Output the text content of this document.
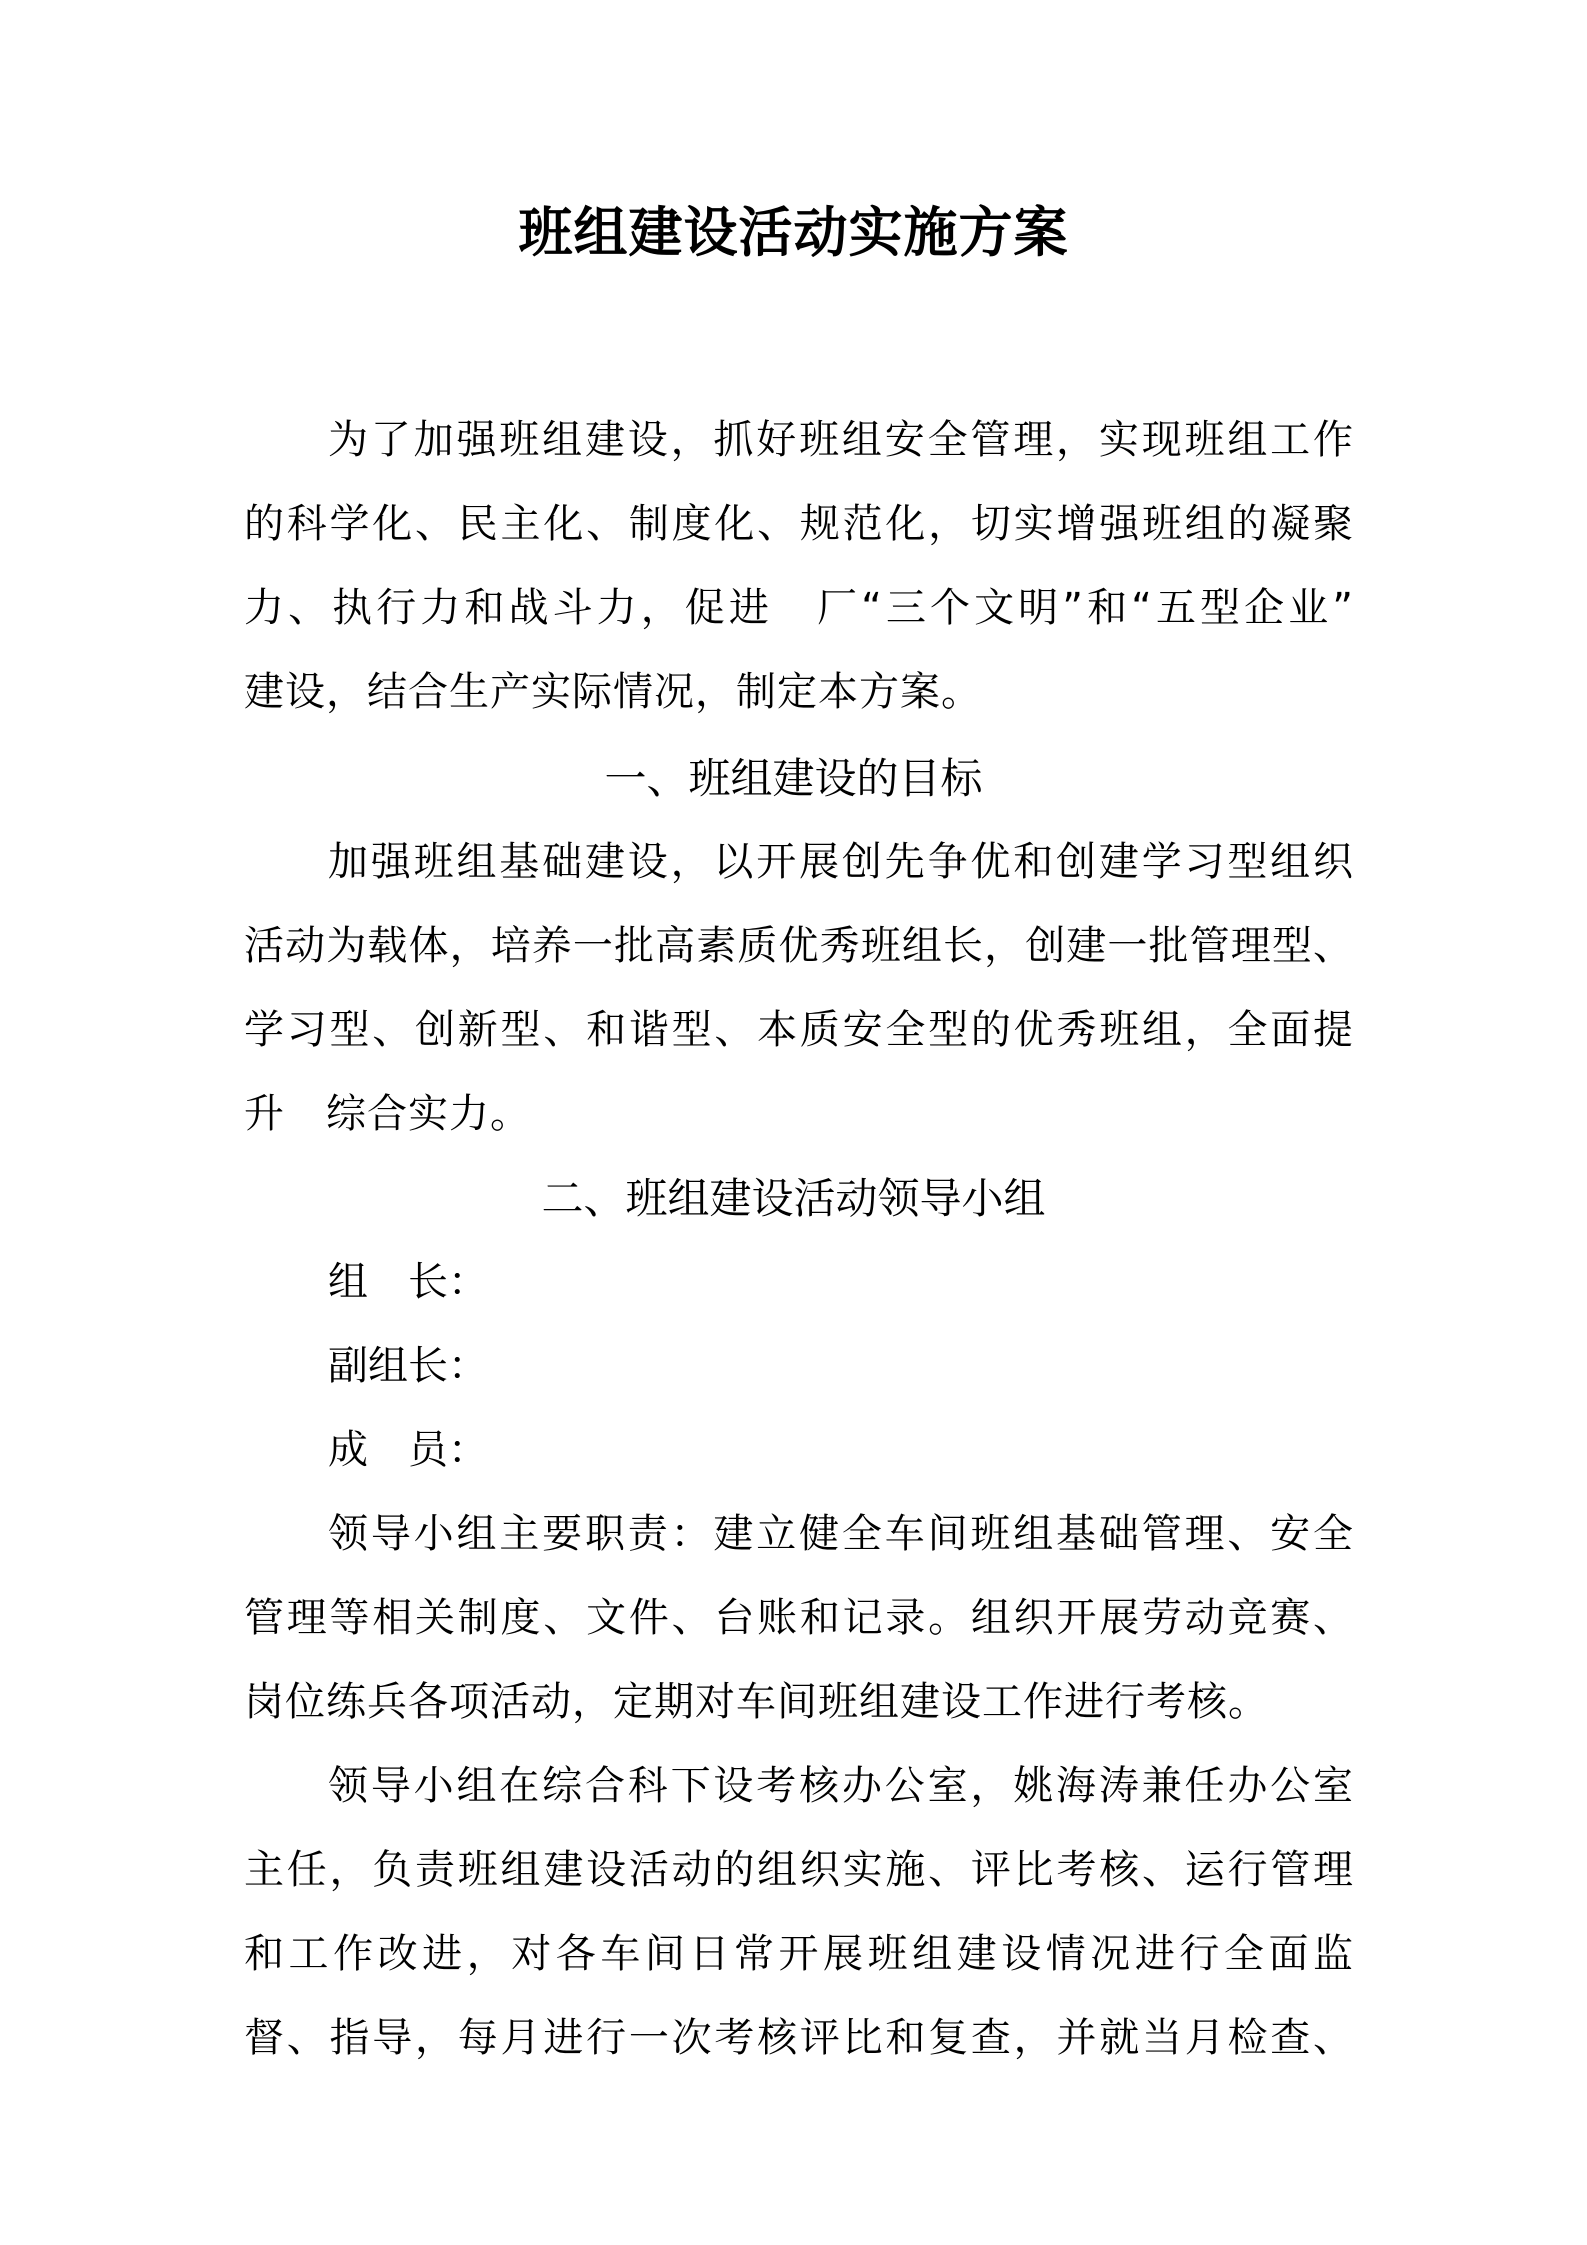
班组建设活动实施方案
为了加强班组建设，抓好班组安全管理，实现班组工作
的科学化、民主化、制度化、规范化，切实增强班组的凝聚
力、执行力和战斗力，促进　厂“三个文明”和“五型企业”
建设，结合生产实际情况，制定本方案。
一、班组建设的目标
加强班组基础建设，以开展创先争优和创建学习型组织
活动为载体，培养一批高素质优秀班组长，创建一批管理型、
学习型、创新型、和谐型、本质安全型的优秀班组，全面提
升　综合实力。
二、班组建设活动领导小组
组　长：
副组长：
成　员：
领导小组主要职责：建立健全车间班组基础管理、安全
管理等相关制度、文件、台账和记录。组织开展劳动竞赛、
岗位练兵各项活动，定期对车间班组建设工作进行考核。
领导小组在综合科下设考核办公室，姚海涛兼任办公室
主任，负责班组建设活动的组织实施、评比考核、运行管理
和工作改进，对各车间日常开展班组建设情况进行全面监
督、指导，每月进行一次考核评比和复查，并就当月检查、
